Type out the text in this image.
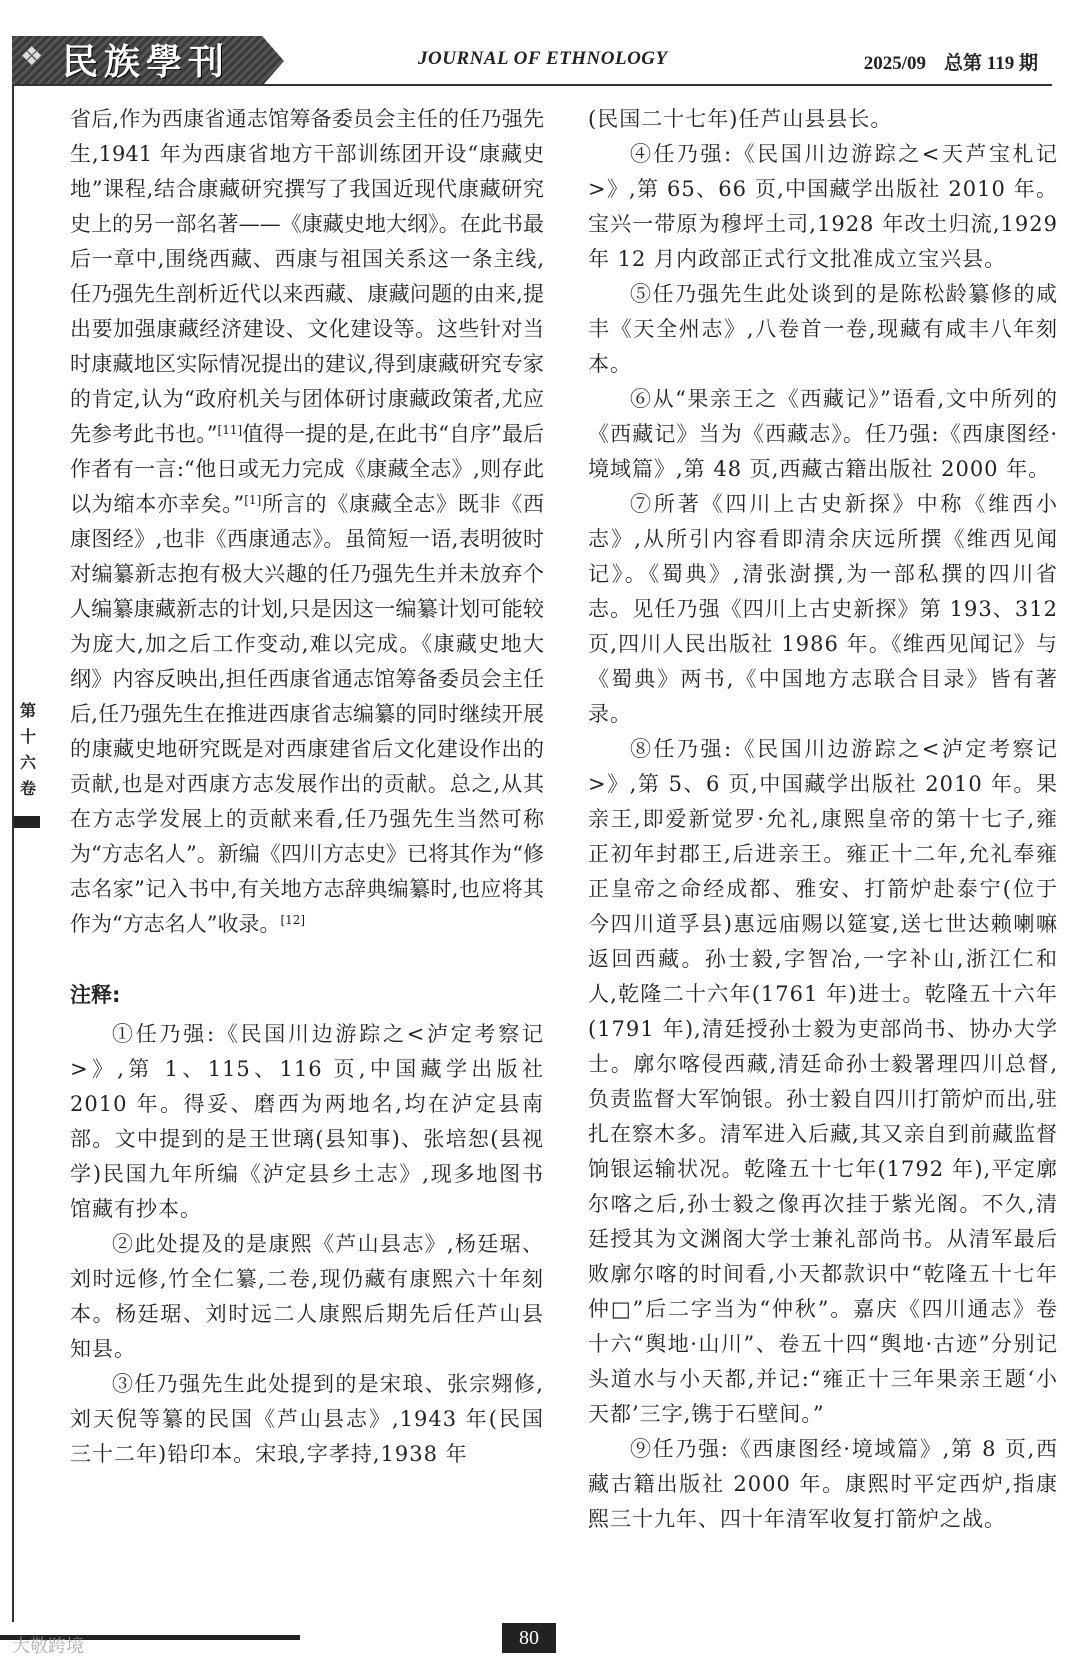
❖ 民族學刊	JOURNAL OF ETHNOLOGY	2025/09 总第 119 期
第十六卷

省后,作为西康省通志馆筹备委员会主任的任乃强先生,1941 年为西康省地方干部训练团开设“康藏史地”课程,结合康藏研究撰写了我国近现代康藏研究史上的另一部名著——《康藏史地大纲》。在此书最后一章中,围绕西藏、西康与祖国关系这一条主线,任乃强先生剖析近代以来西藏、康藏问题的由来,提出要加强康藏经济建设、文化建设等。这些针对当时康藏地区实际情况提出的建议,得到康藏研究专家的肯定,认为“政府机关与团体研讨康藏政策者,尤应先参考此书也。”[11]值得一提的是,在此书“自序”最后作者有一言:“他日或无力完成《康藏全志》,则存此以为缩本亦幸矣。”[1]所言的《康藏全志》既非《西康图经》,也非《西康通志》。虽简短一语,表明彼时对编纂新志抱有极大兴趣的任乃强先生并未放弃个人编纂康藏新志的计划,只是因这一编纂计划可能较为庞大,加之后工作变动,难以完成。《康藏史地大纲》内容反映出,担任西康省通志馆筹备委员会主任后,任乃强先生在推进西康省志编纂的同时继续开展的康藏史地研究既是对西康建省后文化建设作出的贡献,也是对西康方志发展作出的贡献。总之,从其在方志学发展上的贡献来看,任乃强先生当然可称为“方志名人”。新编《四川方志史》已将其作为“修志名家”记入书中,有关地方志辞典编纂时,也应将其作为“方志名人”收录。[12]

注释:

①任乃强:《民国川边游踪之<泸定考察记>》,第 1、115、116 页,中国藏学出版社 2010 年。得妥、磨西为两地名,均在泸定县南部。文中提到的是王世璃(县知事)、张培恕(县视学)民国九年所编《泸定县乡土志》,现多地图书馆藏有抄本。

②此处提及的是康熙《芦山县志》,杨廷琚、刘时远修,竹全仁纂,二卷,现仍藏有康熙六十年刻本。杨廷琚、刘时远二人康熙后期先后任芦山县知县。

③任乃强先生此处提到的是宋琅、张宗翙修,刘天倪等纂的民国《芦山县志》,1943 年(民国三十二年)铅印本。宋琅,字孝持,1938 年

(民国二十七年)任芦山县县长。

④任乃强:《民国川边游踪之<天芦宝札记>》,第 65、66 页,中国藏学出版社 2010 年。宝兴一带原为穆坪土司,1928 年改土归流,1929 年 12 月内政部正式行文批准成立宝兴县。

⑤任乃强先生此处谈到的是陈松龄纂修的咸丰《天全州志》,八卷首一卷,现藏有咸丰八年刻本。

⑥从“果亲王之《西藏记》”语看,文中所列的《西藏记》当为《西藏志》。任乃强:《西康图经·境域篇》,第 48 页,西藏古籍出版社 2000 年。

⑦所著《四川上古史新探》中称《维西小志》,从所引内容看即清余庆远所撰《维西见闻记》。《蜀典》,清张澍撰,为一部私撰的四川省志。见任乃强《四川上古史新探》第 193、312 页,四川人民出版社 1986 年。《维西见闻记》与《蜀典》两书,《中国地方志联合目录》皆有著录。

⑧任乃强:《民国川边游踪之<泸定考察记>》,第 5、6 页,中国藏学出版社 2010 年。果亲王,即爱新觉罗·允礼,康熙皇帝的第十七子,雍正初年封郡王,后进亲王。雍正十二年,允礼奉雍正皇帝之命经成都、雅安、打箭炉赴泰宁(位于今四川道孚县)惠远庙赐以筵宴,送七世达赖喇嘛返回西藏。孙士毅,字智冶,一字补山,浙江仁和人,乾隆二十六年(1761 年)进士。乾隆五十六年(1791 年),清廷授孙士毅为吏部尚书、协办大学士。廓尔喀侵西藏,清廷命孙士毅署理四川总督,负责监督大军饷银。孙士毅自四川打箭炉而出,驻扎在察木多。清军进入后藏,其又亲自到前藏监督饷银运输状况。乾隆五十七年(1792 年),平定廓尔喀之后,孙士毅之像再次挂于紫光阁。不久,清廷授其为文渊阁大学士兼礼部尚书。从清军最后败廓尔喀的时间看,小天都款识中“乾隆五十七年仲□”后二字当为“仲秋”。嘉庆《四川通志》卷十六“舆地·山川”、卷五十四“舆地·古迹”分别记头道水与小天都,并记:“雍正十三年果亲王题‘小天都’三字,镌于石壁间。”

⑨任乃强:《西康图经·境域篇》,第 8 页,西藏古籍出版社 2000 年。康熙时平定西炉,指康熙三十九年、四十年清军收复打箭炉之战。

80
大敬跨境
